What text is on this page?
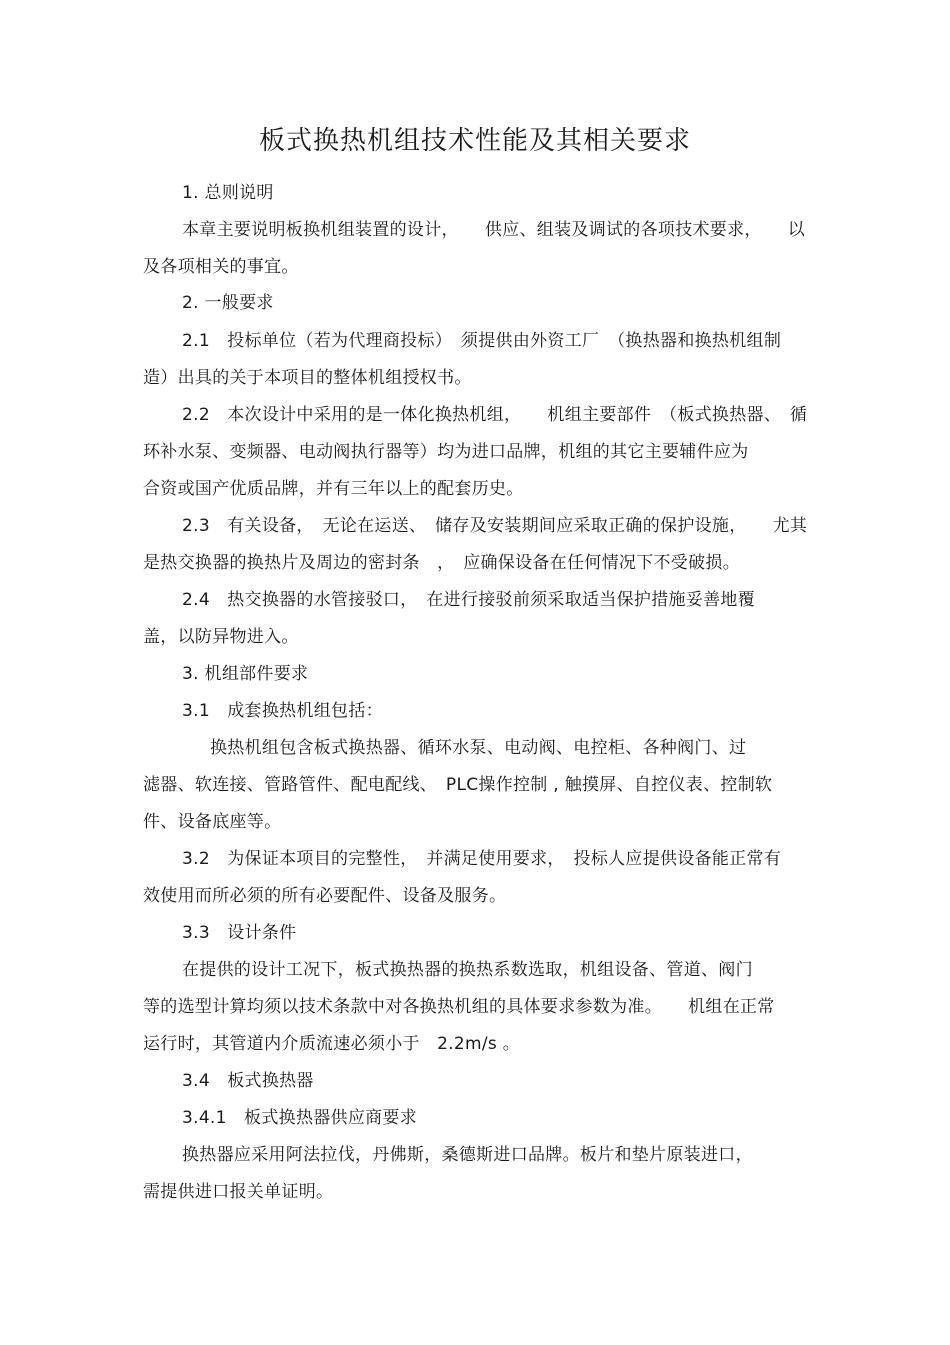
板式换热机组技术性能及其相关要求
1. 总则说明
本章主要说明板换机组装置的设计，　　供应、组装及调试的各项技术要求，　　以
及各项相关的事宜。
2. 一般要求
2.1　投标单位（若为代理商投标）　须提供由外资工厂　（换热器和换热机组制
造）出具的关于本项目的整体机组授权书。
2.2　本次设计中采用的是一体化换热机组，　　机组主要部件　（板式换热器、　循
环补水泵、变频器、电动阀执行器等）均为进口品牌，机组的其它主要辅件应为
合资或国产优质品牌，并有三年以上的配套历史。
2.3　有关设备，　无论在运送、　储存及安装期间应采取正确的保护设施，　　尤其
是热交换器的换热片及周边的密封条　，　应确保设备在任何情况下不受破损。
2.4　热交换器的水管接驳口，　在进行接驳前须采取适当保护措施妥善地覆
盖，以防异物进入。
3. 机组部件要求
3.1　成套换热机组包括：
换热机组包含板式换热器、循环水泵、电动阀、电控柜、各种阀门、过
滤器、软连接、管路管件、配电配线、　PLC操作控制 , 触摸屏、自控仪表、控制软
件、设备底座等。
3.2　为保证本项目的完整性，　并满足使用要求，　投标人应提供设备能正常有
效使用而所必须的所有必要配件、设备及服务。
3.3　设计条件
在提供的设计工况下，板式换热器的换热系数选取，机组设备、管道、阀门
等的选型计算均须以技术条款中对各换热机组的具体要求参数为准。　　机组在正常
运行时，其管道内介质流速必须小于　2.2m/s 。
3.4　板式换热器
3.4.1　板式换热器供应商要求
换热器应采用阿法拉伐，丹佛斯，桑德斯进口品牌。板片和垫片原装进口，
需提供进口报关单证明。
